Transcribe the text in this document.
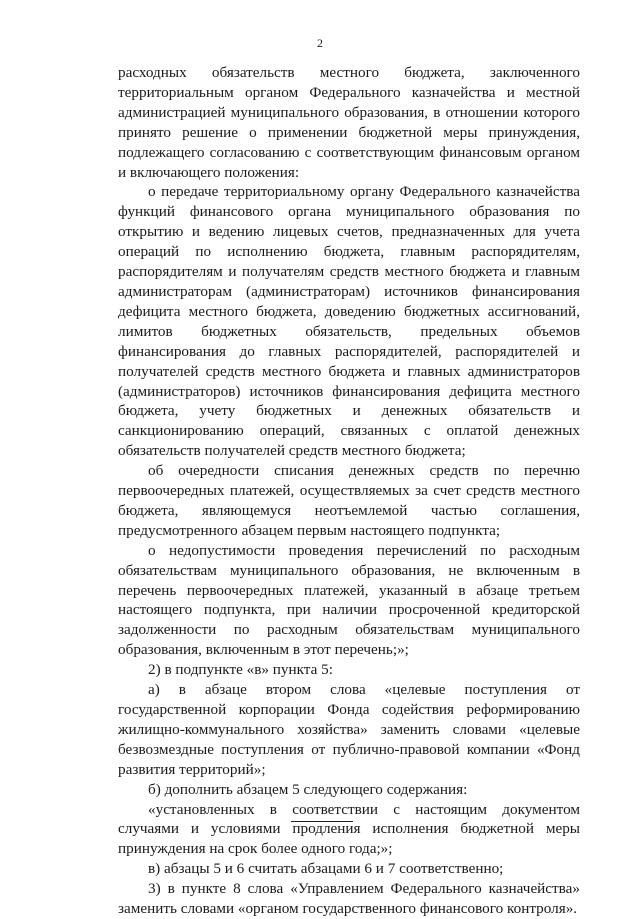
2

расходных обязательств местного бюджета, заключенного территориальным органом Федерального казначейства и местной администрацией муниципального образования, в отношении которого принято решение о применении бюджетной меры принуждения, подлежащего согласованию с соответствующим финансовым органом и включающего положения:

о передаче территориальному органу Федерального казначейства функций финансового органа муниципального образования по открытию и ведению лицевых счетов, предназначенных для учета операций по исполнению бюджета, главным распорядителям, распорядителям и получателям средств местного бюджета и главным администраторам (администраторам) источников финансирования дефицита местного бюджета, доведению бюджетных ассигнований, лимитов бюджетных обязательств, предельных объемов финансирования до главных распорядителей, распорядителей и получателей средств местного бюджета и главных администраторов (администраторов) источников финансирования дефицита местного бюджета, учету бюджетных и денежных обязательств и санкционированию операций, связанных с оплатой денежных обязательств получателей средств местного бюджета;

об очередности списания денежных средств по перечню первоочередных платежей, осуществляемых за счет средств местного бюджета, являющемуся неотъемлемой частью соглашения, предусмотренного абзацем первым настоящего подпункта;

о недопустимости проведения перечислений по расходным обязательствам муниципального образования, не включенным в перечень первоочередных платежей, указанный в абзаце третьем настоящего подпункта, при наличии просроченной кредиторской задолженности по расходным обязательствам муниципального образования, включенным в этот перечень;»;

2) в подпункте «в» пункта 5:

а) в абзаце втором слова «целевые поступления от государственной корпорации Фонда содействия реформированию жилищно-коммунального хозяйства» заменить словами «целевые безвозмездные поступления от публично-правовой компании «Фонд развития территорий»;

б) дополнить абзацем 5 следующего содержания:

«установленных в соответствии с настоящим документом случаями и условиями продления исполнения бюджетной меры принуждения на срок более одного года;»;

в) абзацы 5 и 6 считать абзацами 6 и 7 соответственно;

3) в пункте 8 слова «Управлением Федерального казначейства» заменить словами «органом государственного финансового контроля».
